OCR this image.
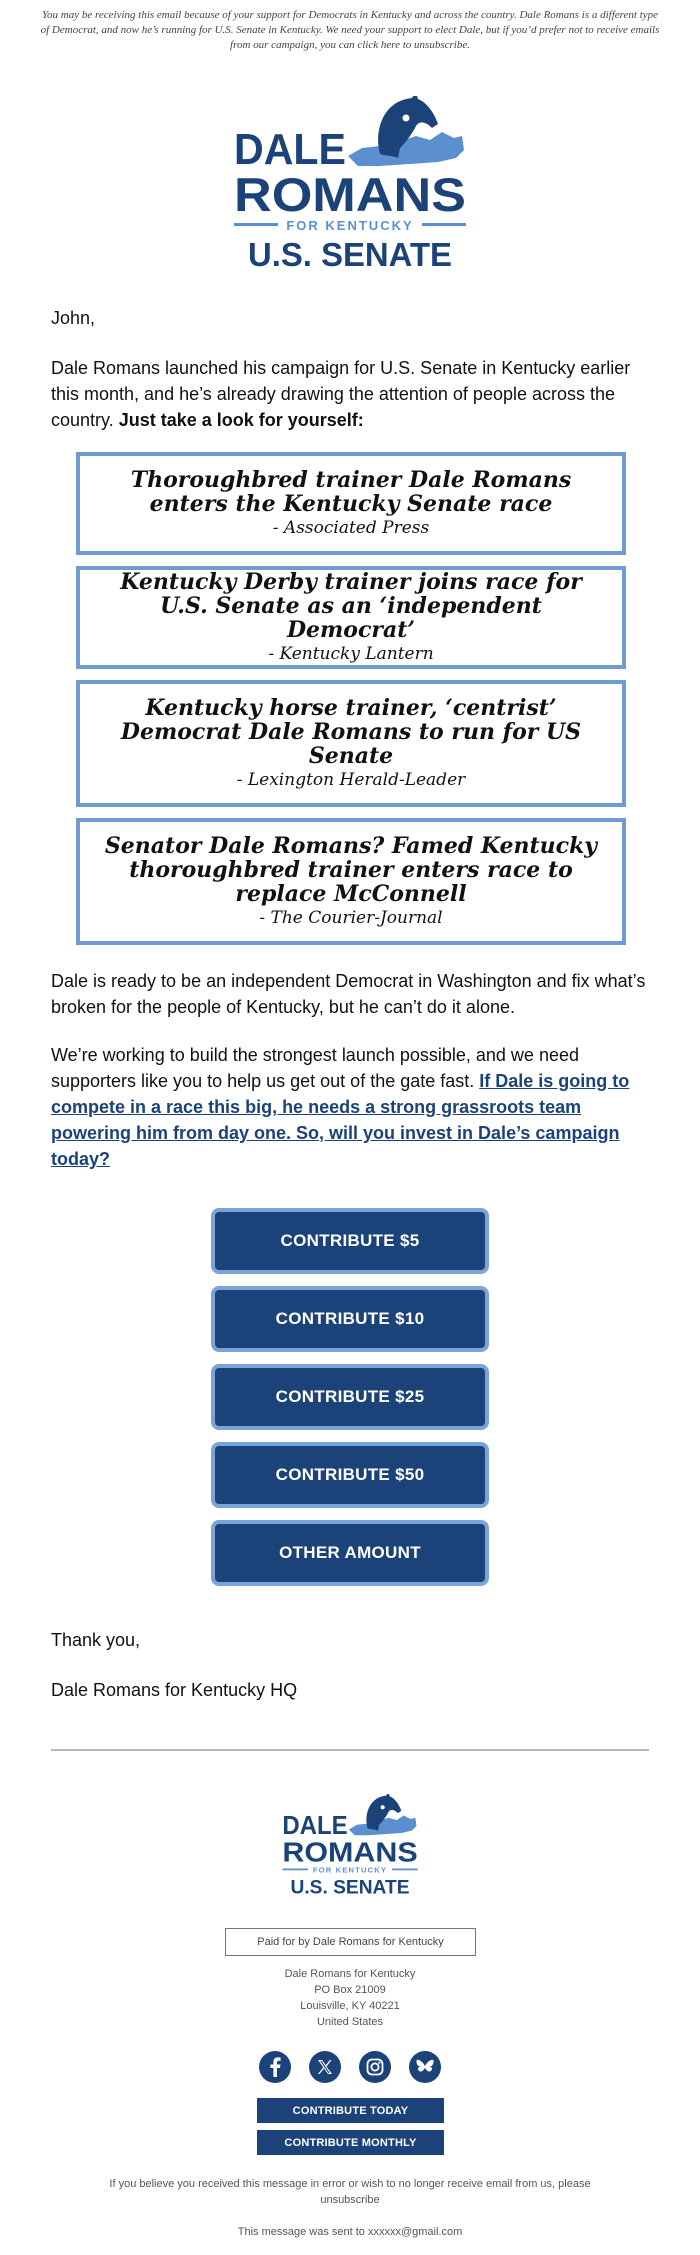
You may be receiving this email because of your support for Democrats in Kentucky and across the country. Dale Romans is a different type of Democrat, and now he’s running for U.S. Senate in Kentucky. We need your support to elect Dale, but if you’d prefer not to receive emails from our campaign, you can click here to unsubscribe.
DALE
ROMANS
FOR KENTUCKY
U.S. SENATE
John,
Dale Romans launched his campaign for U.S. Senate in Kentucky earlier this month, and he’s already drawing the attention of people across the country. Just take a look for yourself:
Thoroughbred trainer Dale Romans enters the Kentucky Senate race
- Associated Press
Kentucky Derby trainer joins race for U.S. Senate as an ‘independent Democrat’
- Kentucky Lantern
Kentucky horse trainer, ‘centrist’ Democrat Dale Romans to run for US Senate
- Lexington Herald-Leader
Senator Dale Romans? Famed Kentucky thoroughbred trainer enters race to replace McConnell
- The Courier-Journal
Dale is ready to be an independent Democrat in Washington and fix what’s broken for the people of Kentucky, but he can’t do it alone.
We’re working to build the strongest launch possible, and we need supporters like you to help us get out of the gate fast. If Dale is going to compete in a race this big, he needs a strong grassroots team powering him from day one. So, will you invest in Dale’s campaign today?
CONTRIBUTE $5
CONTRIBUTE $10
CONTRIBUTE $25
CONTRIBUTE $50
OTHER AMOUNT
Thank you,
Dale Romans for Kentucky HQ
DALE
ROMANS
FOR KENTUCKY
U.S. SENATE
Paid for by Dale Romans for Kentucky
Dale Romans for Kentucky
PO Box 21009
Louisville, KY 40221
United States
CONTRIBUTE TODAY
CONTRIBUTE MONTHLY
If you believe you received this message in error or wish to no longer receive email from us, please unsubscribe
This message was sent to xxxxxx@gmail.com
